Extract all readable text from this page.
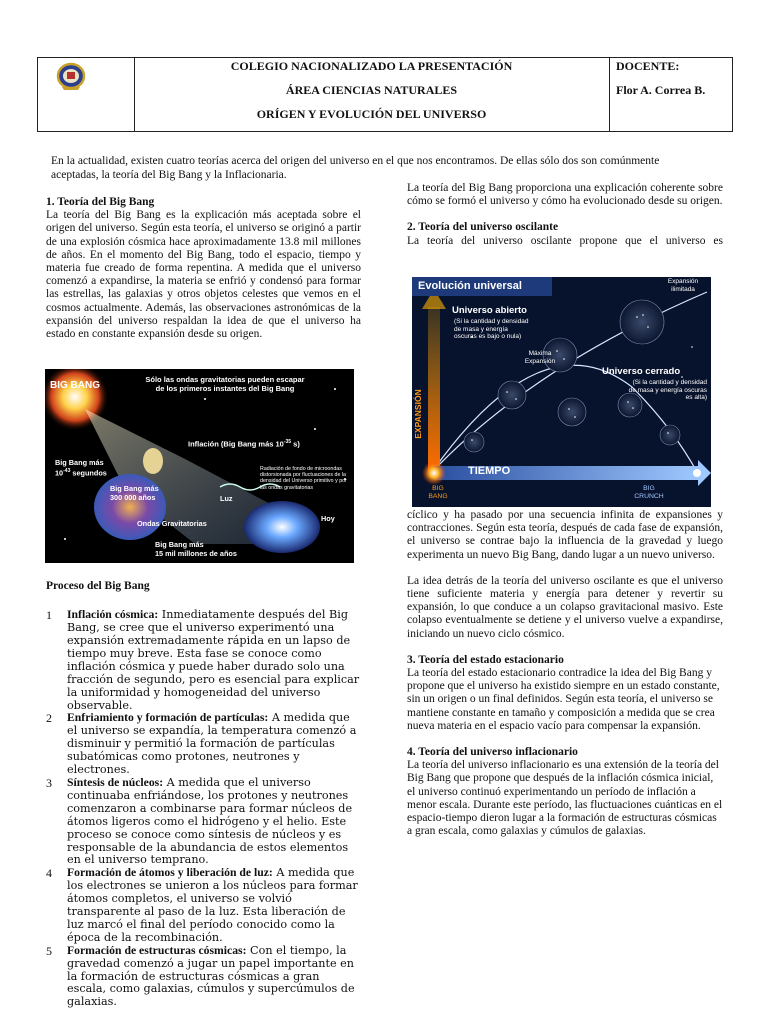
COLEGIO NACIONALIZADO LA PRESENTACIÓN
ÁREA CIENCIAS NATURALES
ORÍGEN Y EVOLUCIÓN DEL UNIVERSO
DOCENTE:
Flor A. Correa B.
En la actualidad, existen cuatro teorías acerca del origen del universo en el que nos encontramos. De ellas sólo dos son comúnmente aceptadas, la teoría del Big Bang y la Inflacionaria.
1. Teoría del Big Bang
La teoría del Big Bang es la explicación más aceptada sobre el origen del universo. Según esta teoría, el universo se originó a partir de una explosión cósmica hace aproximadamente 13.8 mil millones de años. En el momento del Big Bang, todo el espacio, tiempo y materia fue creado de forma repentina. A medida que el universo comenzó a expandirse, la materia se enfrió y condensó para formar las estrellas, las galaxias y otros objetos celestes que vemos en el cosmos actualmente. Además, las observaciones astronómicas de la expansión del universo respaldan la idea de que el universo ha estado en constante expansión desde su origen.
BIG BANG
Sólo las ondas gravitatorias pueden escapar de los primeros instantes del Big Bang
Inflación (Big Bang más $10^{-35}$ s)
Big Bang más
$10^{-43}$ segundos
Big Bang más
300 000 años
Radiación de fondo de microondas distorsionada por fluctuaciones de la densidad del Universo primitivo y por las ondas gravitatorias
Luz
Hoy
Ondas Gravitatorias
Big Bang más
15 mil millones de años
Proceso del Big Bang
1 Inflación cósmica: Inmediatamente después del Big Bang, se cree que el universo experimentó una expansión extremadamente rápida en un lapso de tiempo muy breve. Esta fase se conoce como inflación cósmica y puede haber durado solo una fracción de segundo, pero es esencial para explicar la uniformidad y homogeneidad del universo observable.
2 Enfriamiento y formación de partículas: A medida que el universo se expandía, la temperatura comenzó a disminuir y permitió la formación de partículas subatómicas como protones, neutrones y electrones.
3 Síntesis de núcleos: A medida que el universo continuaba enfriándose, los protones y neutrones comenzaron a combinarse para formar núcleos de átomos ligeros como el hidrógeno y el helio. Este proceso se conoce como síntesis de núcleos y es responsable de la abundancia de estos elementos en el universo temprano.
4 Formación de átomos y liberación de luz: A medida que los electrones se unieron a los núcleos para formar átomos completos, el universo se volvió transparente al paso de la luz. Esta liberación de luz marcó el final del período conocido como la época de la recombinación.
5 Formación de estructuras cósmicas: Con el tiempo, la gravedad comenzó a jugar un papel importante en la formación de estructuras cósmicas a gran escala, como galaxias, cúmulos y supercúmulos de galaxias.
La teoría del Big Bang proporciona una explicación coherente sobre cómo se formó el universo y cómo ha evolucionado desde su origen.
2. Teoría del universo oscilante
La teoría del universo oscilante propone que el universo es
Evolución universal	Expansión ilimitada
Universo abierto
(Si la cantidad y densidad de masa y energía oscuras es bajo o nula)
Máxima Expansión
Universo cerrado
(Si la cantidad y densidad de masa y energía oscuras es alta)
EXPANSIÓN
TIEMPO
BIG BANG
BIG CRUNCH
cíclico y ha pasado por una secuencia infinita de expansiones y contracciones. Según esta teoría, después de cada fase de expansión, el universo se contrae bajo la influencia de la gravedad y luego experimenta un nuevo Big Bang, dando lugar a un nuevo universo.
La idea detrás de la teoría del universo oscilante es que el universo tiene suficiente materia y energía para detener y revertir su expansión, lo que conduce a un colapso gravitacional masivo. Este colapso eventualmente se detiene y el universo vuelve a expandirse, iniciando un nuevo ciclo cósmico.
3. Teoría del estado estacionario
La teoría del estado estacionario contradice la idea del Big Bang y propone que el universo ha existido siempre en un estado constante, sin un origen o un final definidos. Según esta teoría, el universo se mantiene constante en tamaño y composición a medida que se crea nueva materia en el espacio vacío para compensar la expansión.
4. Teoría del universo inflacionario
La teoría del universo inflacionario es una extensión de la teoría del Big Bang que propone que después de la inflación cósmica inicial, el universo continuó experimentando un período de inflación a menor escala. Durante este período, las fluctuaciones cuánticas en el espacio-tiempo dieron lugar a la formación de estructuras cósmicas a gran escala, como galaxias y cúmulos de galaxias.
